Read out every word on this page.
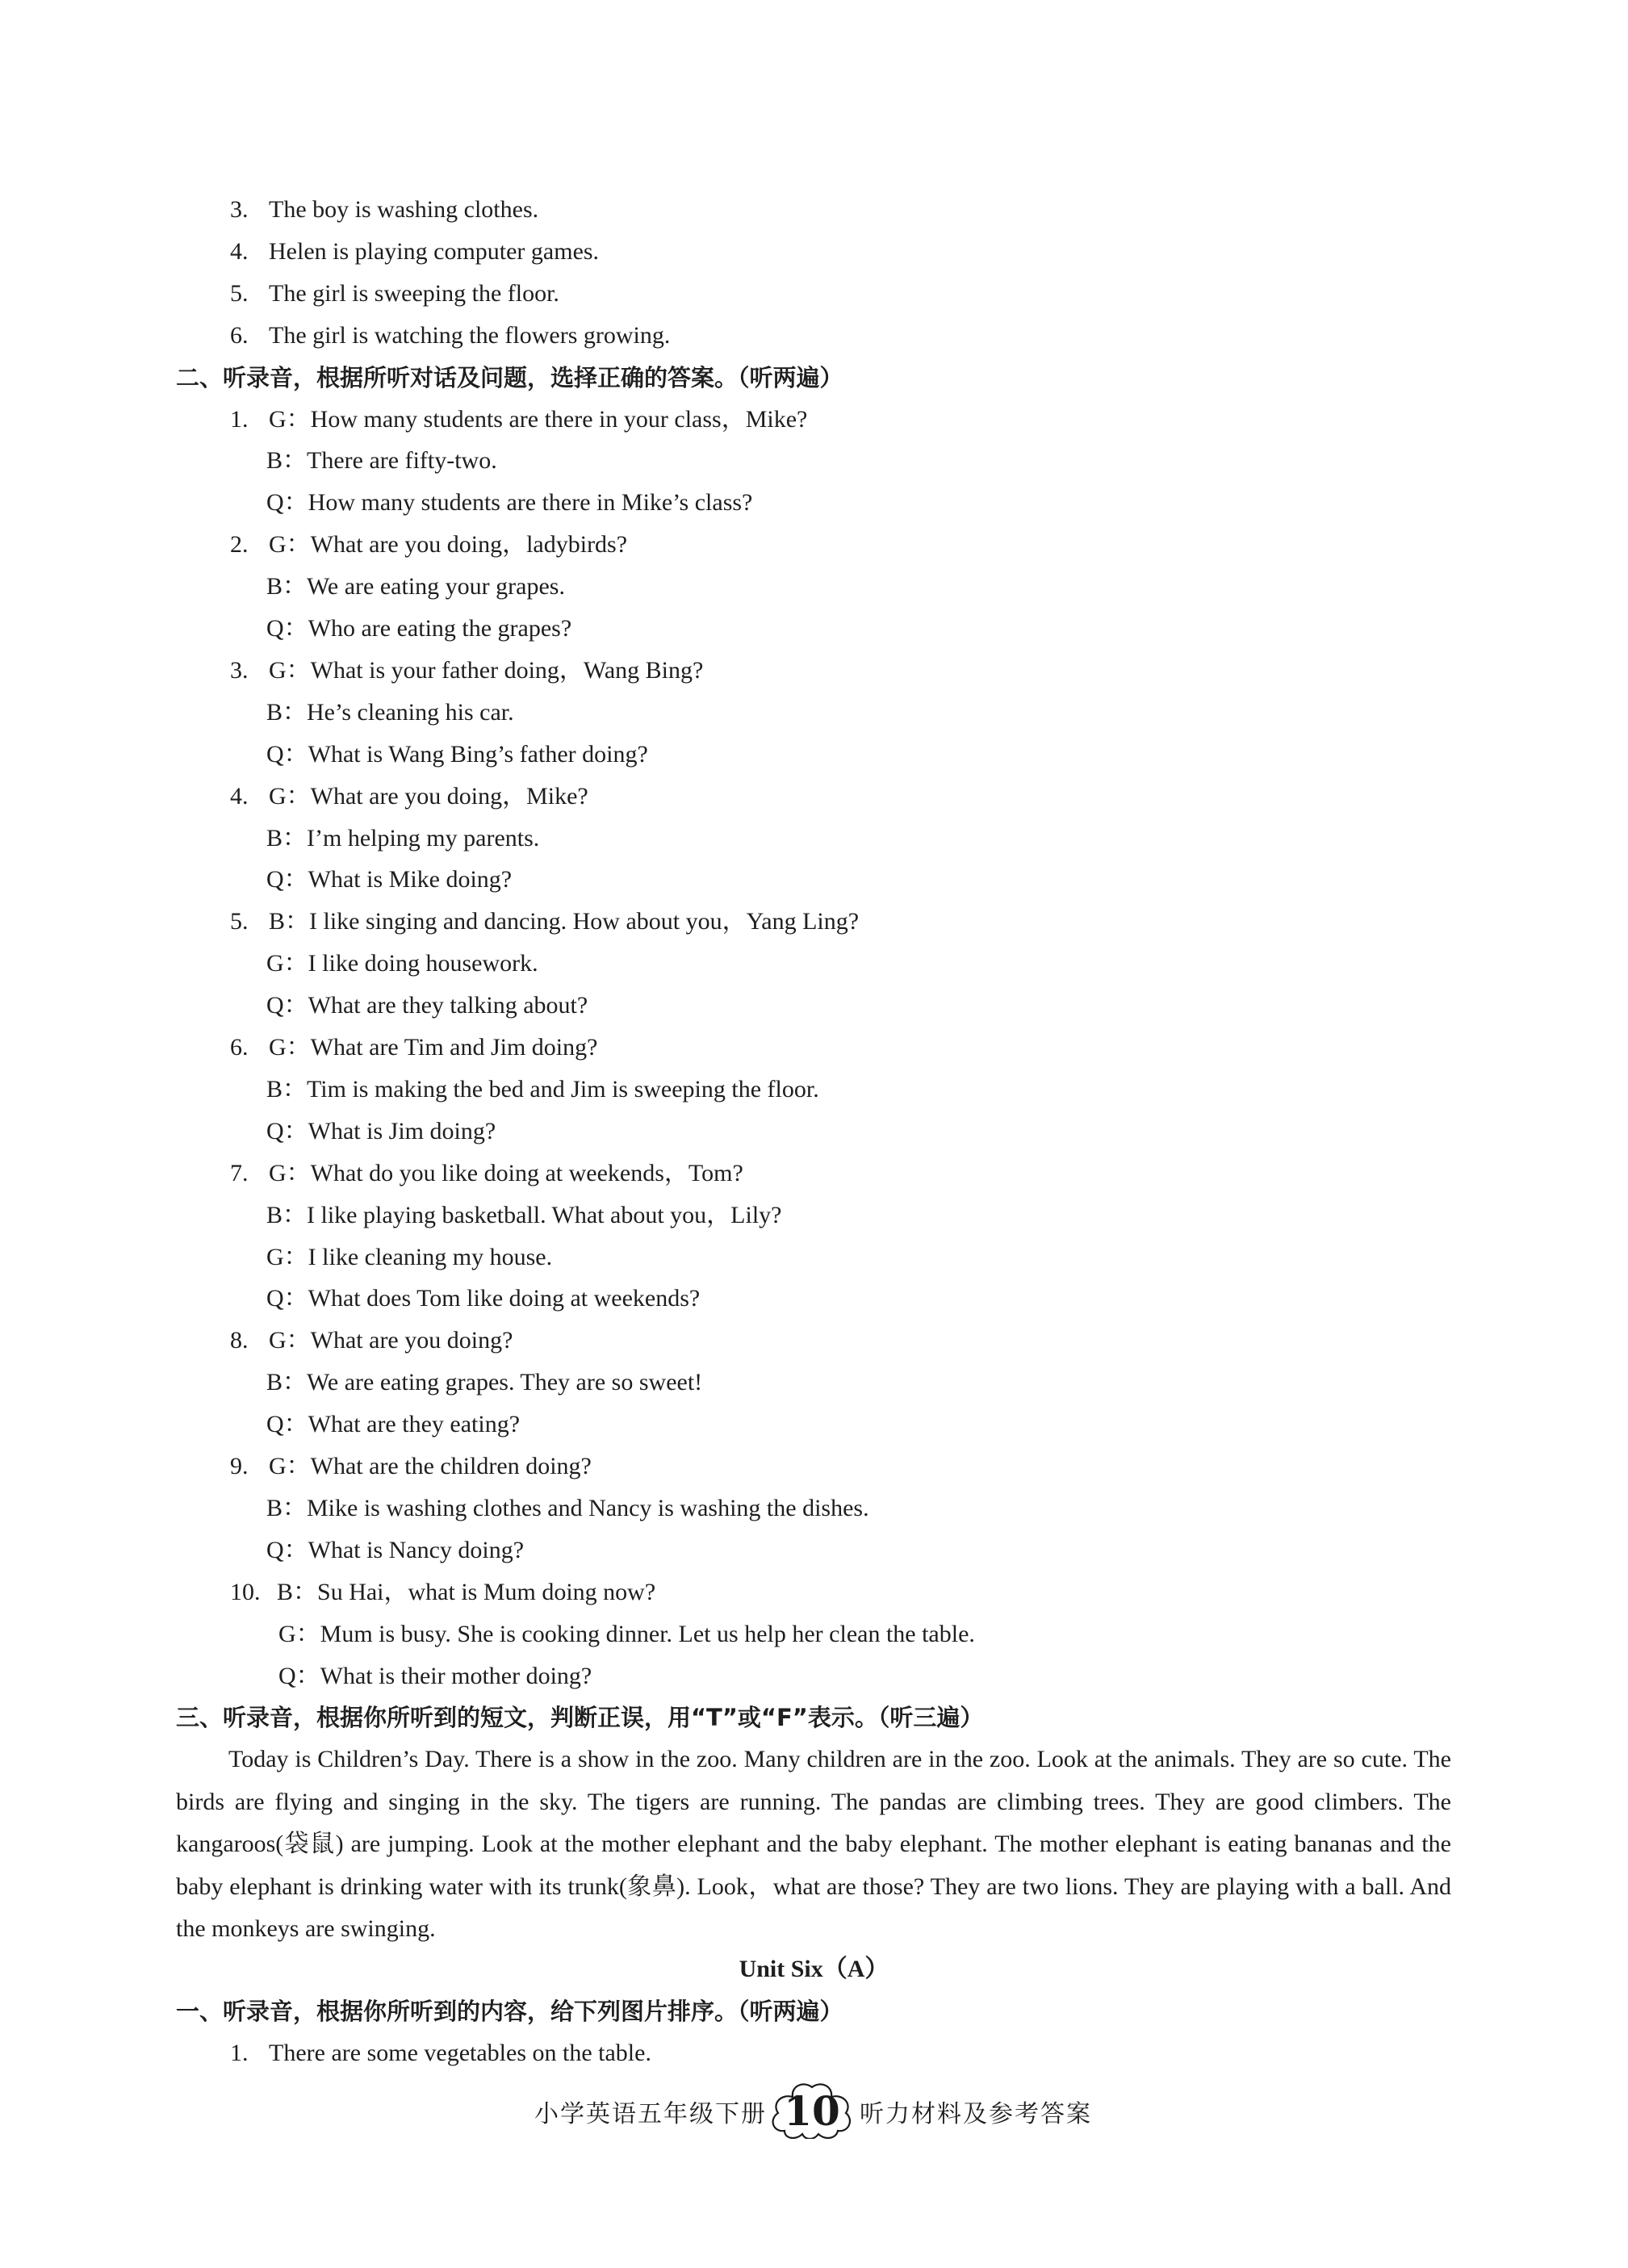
3. The boy is washing clothes.
4. Helen is playing computer games.
5. The girl is sweeping the floor.
6. The girl is watching the flowers growing.
二、听录音，根据所听对话及问题，选择正确的答案。（听两遍）
1. G：How many students are there in your class，Mike?
B：There are fifty-two.
Q：How many students are there in Mike’s class?
2. G：What are you doing，ladybirds?
B：We are eating your grapes.
Q：Who are eating the grapes?
3. G：What is your father doing，Wang Bing?
B：He’s cleaning his car.
Q：What is Wang Bing’s father doing?
4. G：What are you doing，Mike?
B：I’m helping my parents.
Q：What is Mike doing?
5. B：I like singing and dancing. How about you，Yang Ling?
G：I like doing housework.
Q：What are they talking about?
6. G：What are Tim and Jim doing?
B：Tim is making the bed and Jim is sweeping the floor.
Q：What is Jim doing?
7. G：What do you like doing at weekends，Tom?
B：I like playing basketball. What about you，Lily?
G：I like cleaning my house.
Q：What does Tom like doing at weekends?
8. G：What are you doing?
B：We are eating grapes. They are so sweet!
Q：What are they eating?
9. G：What are the children doing?
B：Mike is washing clothes and Nancy is washing the dishes.
Q：What is Nancy doing?
10. B：Su Hai，what is Mum doing now?
G：Mum is busy. She is cooking dinner. Let us help her clean the table.
Q：What is their mother doing?
三、听录音，根据你所听到的短文，判断正误，用“T”或“F”表示。（听三遍）
Today is Children’s Day. There is a show in the zoo. Many children are in the zoo. Look at the animals. They are so cute. The birds are flying and singing in the sky. The tigers are running. The pandas are climbing trees. They are good climbers. The kangaroos(袋鼠) are jumping. Look at the mother elephant and the baby elephant. The mother elephant is eating bananas and the baby elephant is drinking water with its trunk(象鼻). Look，what are those? They are two lions. They are playing with a ball. And the monkeys are swinging.
Unit Six（A）
一、听录音，根据你所听到的内容，给下列图片排序。（听两遍）
1. There are some vegetables on the table.
小学英语五年级下册 10 听力材料及参考答案
